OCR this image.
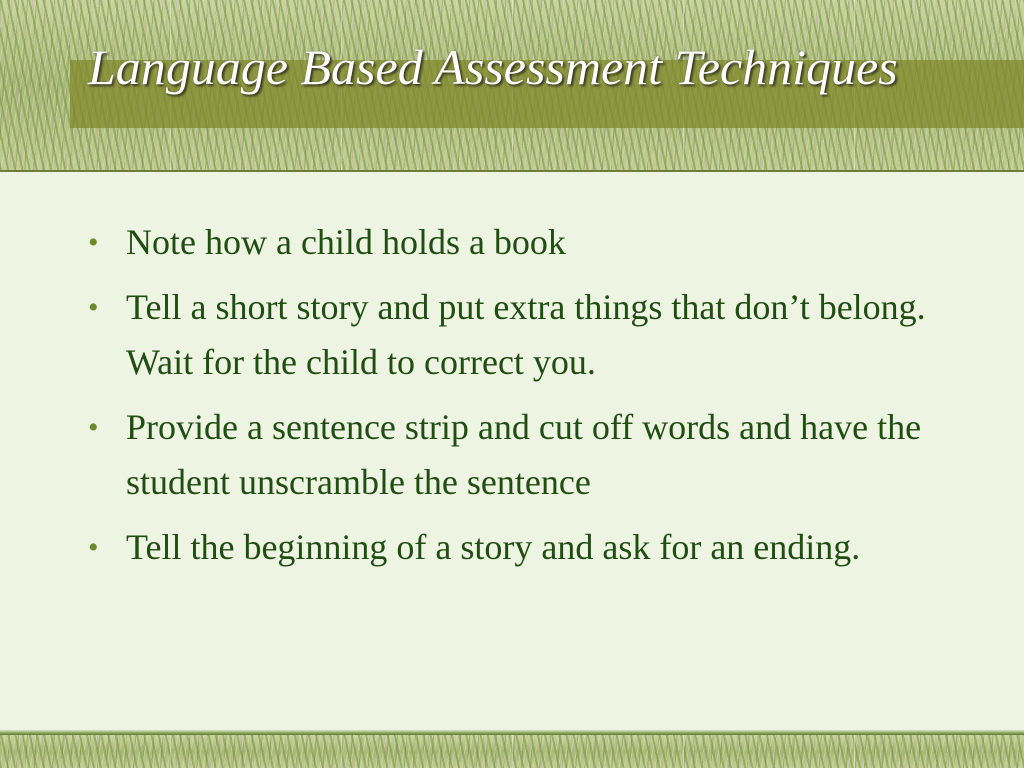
Language Based Assessment Techniques
• Note how a child holds a book
• Tell a short story and put extra things that don’t belong. Wait for the child to correct you.
• Provide a sentence strip and cut off words and have the student unscramble the sentence
• Tell the beginning of a story and ask for an ending.
